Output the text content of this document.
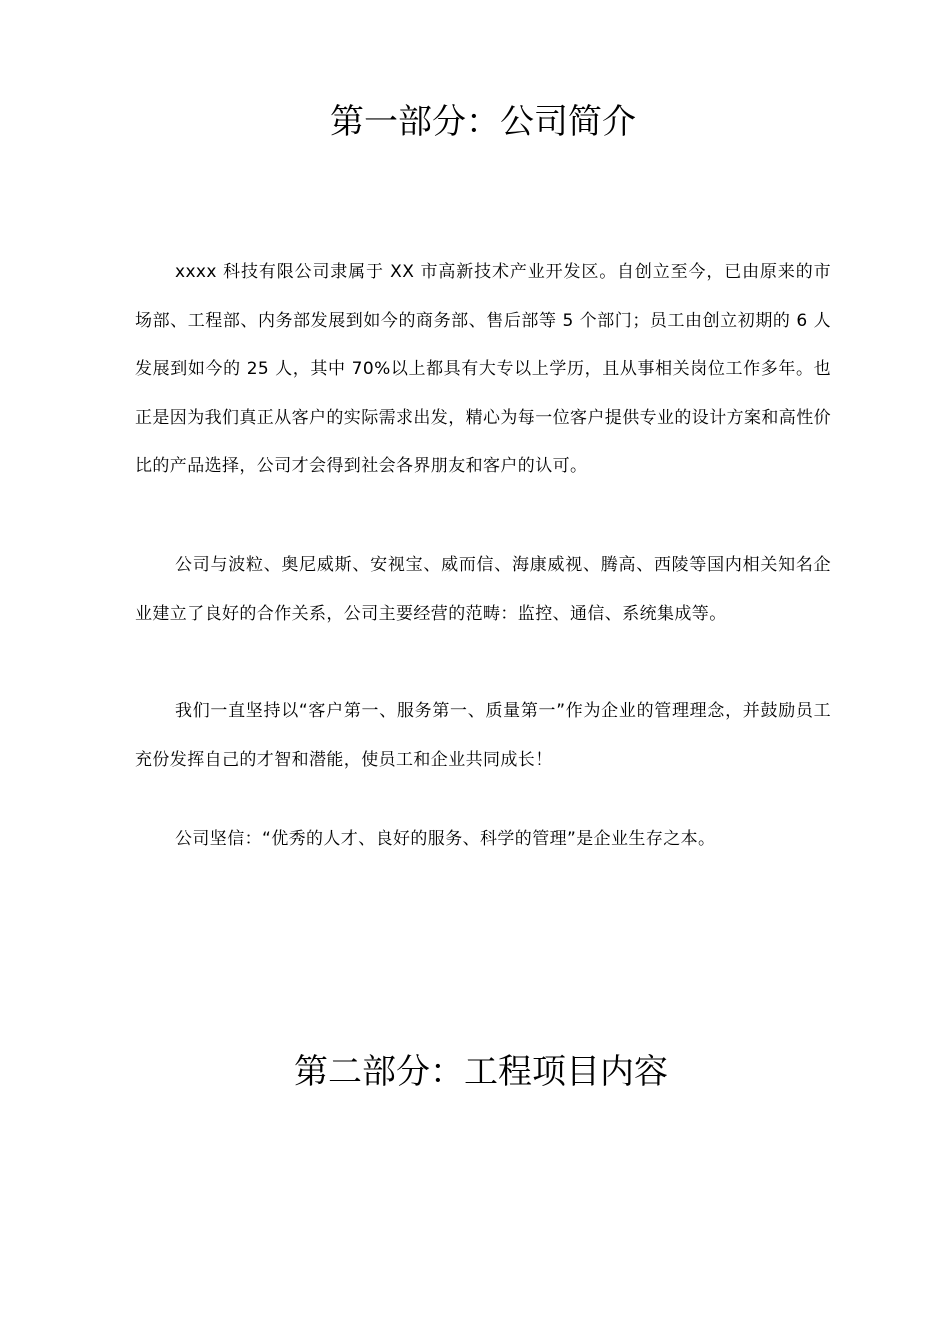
第一部分：公司简介

xxxx 科技有限公司隶属于 XX 市高新技术产业开发区。自创立至今，已由原来的市场部、工程部、内务部发展到如今的商务部、售后部等 5 个部门；员工由创立初期的 6 人发展到如今的 25 人，其中 70%以上都具有大专以上学历，且从事相关岗位工作多年。也正是因为我们真正从客户的实际需求出发，精心为每一位客户提供专业的设计方案和高性价比的产品选择，公司才会得到社会各界朋友和客户的认可。

公司与波粒、奥尼威斯、安视宝、威而信、海康威视、腾高、西陵等国内相关知名企业建立了良好的合作关系，公司主要经营的范畴：监控、通信、系统集成等。

我们一直坚持以“客户第一、服务第一、质量第一”作为企业的管理理念，并鼓励员工充份发挥自己的才智和潜能，使员工和企业共同成长！

公司坚信：“优秀的人才、良好的服务、科学的管理”是企业生存之本。

第二部分：工程项目内容
